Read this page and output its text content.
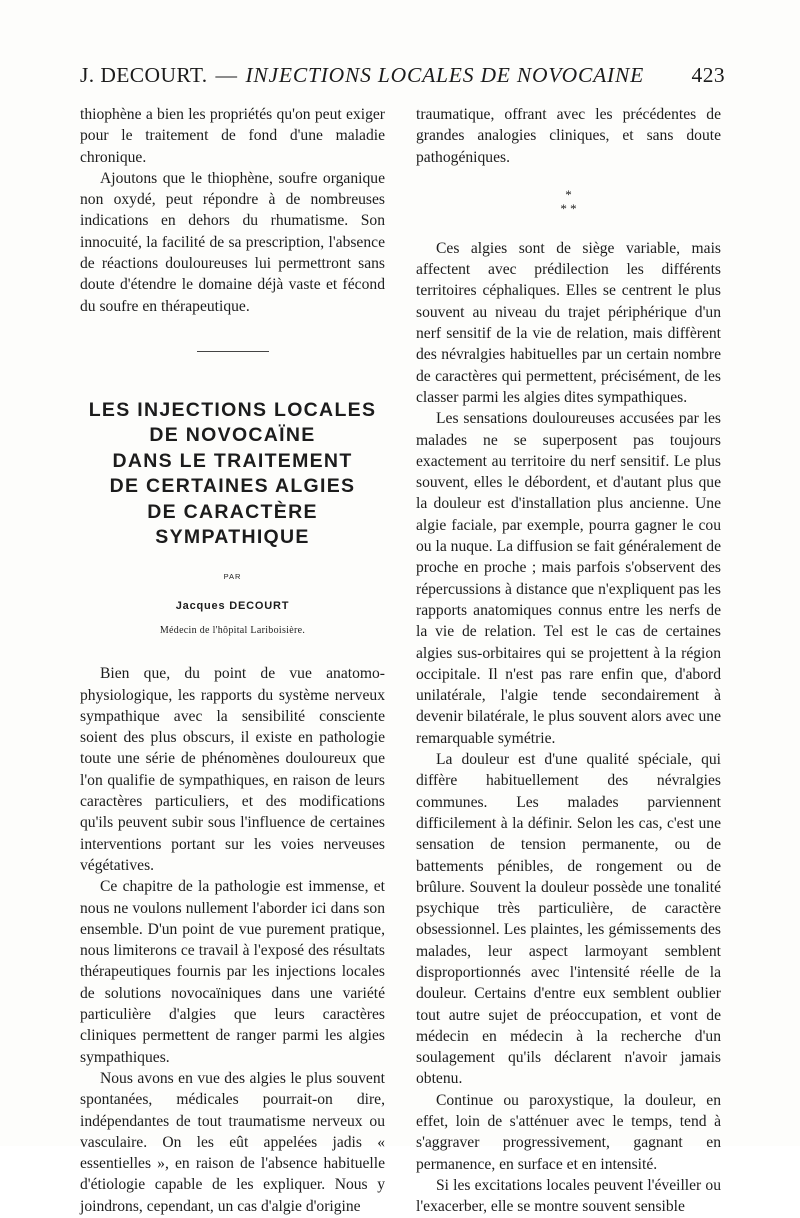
J. DECOURT. — INJECTIONS LOCALES DE NOVOCAINE 423

thiophène a bien les propriétés qu'on peut exiger pour le traitement de fond d'une maladie chronique.

Ajoutons que le thiophène, soufre organique non oxydé, peut répondre à de nombreuses indications en dehors du rhumatisme. Son innocuité, la facilité de sa prescription, l'absence de réactions douloureuses lui permettront sans doute d'étendre le domaine déjà vaste et fécond du soufre en thérapeutique.

LES INJECTIONS LOCALES
DE NOVOCAÏNE
DANS LE TRAITEMENT
DE CERTAINES ALGIES
DE CARACTÈRE
SYMPATHIQUE
PAR
Jacques DECOURT
Médecin de l'hôpital Lariboisière.

Bien que, du point de vue anatomo-physiologique, les rapports du système nerveux sympathique avec la sensibilité consciente soient des plus obscurs, il existe en pathologie toute une série de phénomènes douloureux que l'on qualifie de sympathiques, en raison de leurs caractères particuliers, et des modifications qu'ils peuvent subir sous l'influence de certaines interventions portant sur les voies nerveuses végétatives.

Ce chapitre de la pathologie est immense, et nous ne voulons nullement l'aborder ici dans son ensemble. D'un point de vue purement pratique, nous limiterons ce travail à l'exposé des résultats thérapeutiques fournis par les injections locales de solutions novocaïniques dans une variété particulière d'algies que leurs caractères cliniques permettent de ranger parmi les algies sympathiques.

Nous avons en vue des algies le plus souvent spontanées, médicales pourrait-on dire, indépendantes de tout traumatisme nerveux ou vasculaire. On les eût appelées jadis « essentielles », en raison de l'absence habituelle d'étiologie capable de les expliquer. Nous y joindrons, cependant, un cas d'algie d'origine

traumatique, offrant avec les précédentes de grandes analogies cliniques, et sans doute pathogéniques.

*
* *

Ces algies sont de siège variable, mais affectent avec prédilection les différents territoires céphaliques. Elles se centrent le plus souvent au niveau du trajet périphérique d'un nerf sensitif de la vie de relation, mais diffèrent des névralgies habituelles par un certain nombre de caractères qui permettent, précisément, de les classer parmi les algies dites sympathiques.

Les sensations douloureuses accusées par les malades ne se superposent pas toujours exactement au territoire du nerf sensitif. Le plus souvent, elles le débordent, et d'autant plus que la douleur est d'installation plus ancienne. Une algie faciale, par exemple, pourra gagner le cou ou la nuque. La diffusion se fait généralement de proche en proche ; mais parfois s'observent des répercussions à distance que n'expliquent pas les rapports anatomiques connus entre les nerfs de la vie de relation. Tel est le cas de certaines algies sus-orbitaires qui se projettent à la région occipitale. Il n'est pas rare enfin que, d'abord unilatérale, l'algie tende secondairement à devenir bilatérale, le plus souvent alors avec une remarquable symétrie.

La douleur est d'une qualité spéciale, qui diffère habituellement des névralgies communes. Les malades parviennent difficilement à la définir. Selon les cas, c'est une sensation de tension permanente, ou de battements pénibles, de rongement ou de brûlure. Souvent la douleur possède une tonalité psychique très particulière, de caractère obsessionnel. Les plaintes, les gémissements des malades, leur aspect larmoyant semblent disproportionnés avec l'intensité réelle de la douleur. Certains d'entre eux semblent oublier tout autre sujet de préoccupation, et vont de médecin en médecin à la recherche d'un soulagement qu'ils déclarent n'avoir jamais obtenu.

Continue ou paroxystique, la douleur, en effet, loin de s'atténuer avec le temps, tend à s'aggraver progressivement, gagnant en permanence, en surface et en intensité.

Si les excitations locales peuvent l'éveiller ou l'exacerber, elle se montre souvent sensible
